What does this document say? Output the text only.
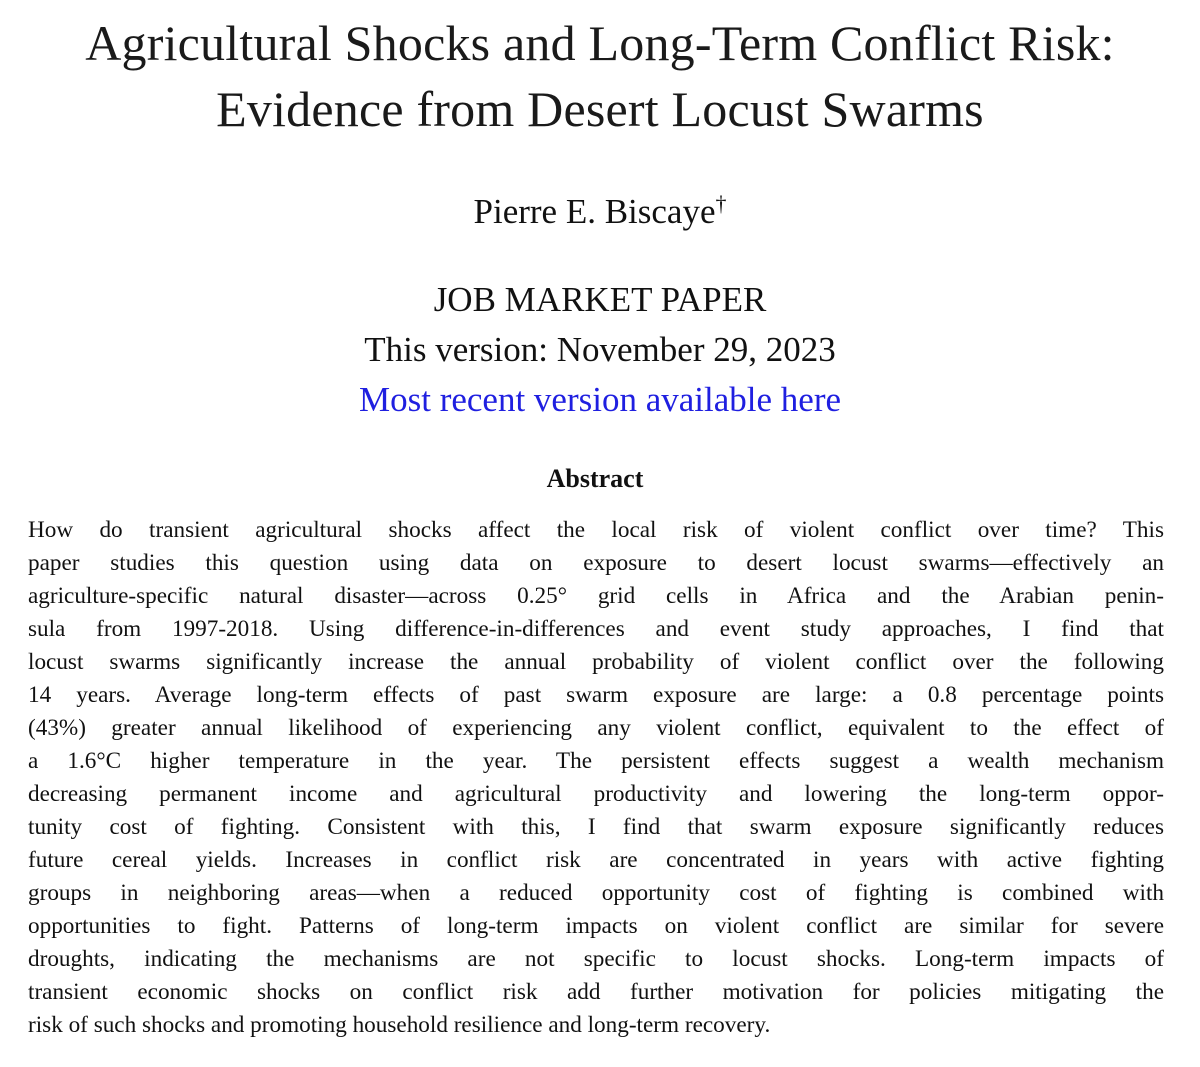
Agricultural Shocks and Long-Term Conflict Risk:
Evidence from Desert Locust Swarms
Pierre E. Biscaye†
JOB MARKET PAPER
This version: November 29, 2023
Most recent version available here
Abstract
How do transient agricultural shocks affect the local risk of violent conflict over time? This
paper studies this question using data on exposure to desert locust swarms—effectively an
agriculture-specific natural disaster—across 0.25° grid cells in Africa and the Arabian penin-
sula from 1997-2018. Using difference-in-differences and event study approaches, I find that
locust swarms significantly increase the annual probability of violent conflict over the following
14 years. Average long-term effects of past swarm exposure are large: a 0.8 percentage points
(43%) greater annual likelihood of experiencing any violent conflict, equivalent to the effect of
a 1.6°C higher temperature in the year. The persistent effects suggest a wealth mechanism
decreasing permanent income and agricultural productivity and lowering the long-term oppor-
tunity cost of fighting. Consistent with this, I find that swarm exposure significantly reduces
future cereal yields. Increases in conflict risk are concentrated in years with active fighting
groups in neighboring areas—when a reduced opportunity cost of fighting is combined with
opportunities to fight. Patterns of long-term impacts on violent conflict are similar for severe
droughts, indicating the mechanisms are not specific to locust shocks. Long-term impacts of
transient economic shocks on conflict risk add further motivation for policies mitigating the
risk of such shocks and promoting household resilience and long-term recovery.
